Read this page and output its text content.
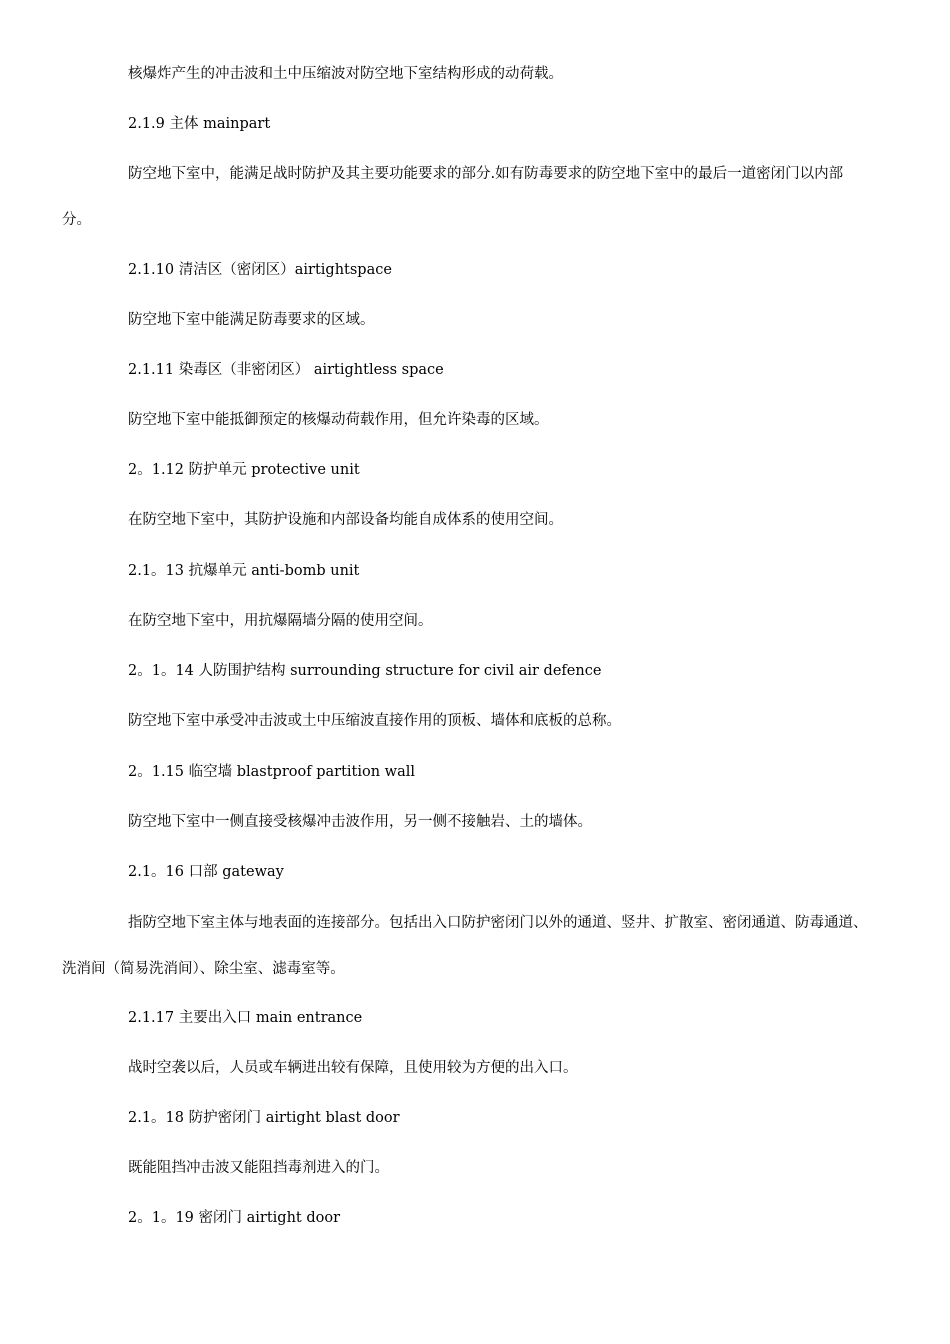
核爆炸产生的冲击波和土中压缩波对防空地下室结构形成的动荷载。
2.1.9 主体 mainpart
防空地下室中，能满足战时防护及其主要功能要求的部分.如有防毒要求的防空地下室中的最后一道密闭门以内部
分。
2.1.10 清洁区（密闭区）airtightspace
防空地下室中能满足防毒要求的区域。
2.1.11 染毒区（非密闭区） airtightless space
防空地下室中能抵御预定的核爆动荷载作用，但允许染毒的区域。
2。1.12 防护单元 protective unit
在防空地下室中，其防护设施和内部设备均能自成体系的使用空间。
2.1。13 抗爆单元 anti-bomb unit
在防空地下室中，用抗爆隔墙分隔的使用空间。
2。1。14 人防围护结构 surrounding structure for civil air defence
防空地下室中承受冲击波或土中压缩波直接作用的顶板、墙体和底板的总称。
2。1.15 临空墙 blastproof partition wall
防空地下室中一侧直接受核爆冲击波作用，另一侧不接触岩、土的墙体。
2.1。16 口部 gateway
指防空地下室主体与地表面的连接部分。包括出入口防护密闭门以外的通道、竖井、扩散室、密闭通道、防毒通道、
洗消间（简易洗消间）、除尘室、滤毒室等。
2.1.17 主要出入口 main entrance
战时空袭以后，人员或车辆进出较有保障，且使用较为方便的出入口。
2.1。18 防护密闭门 airtight blast door
既能阻挡冲击波又能阻挡毒剂进入的门。
2。1。19 密闭门 airtight door
